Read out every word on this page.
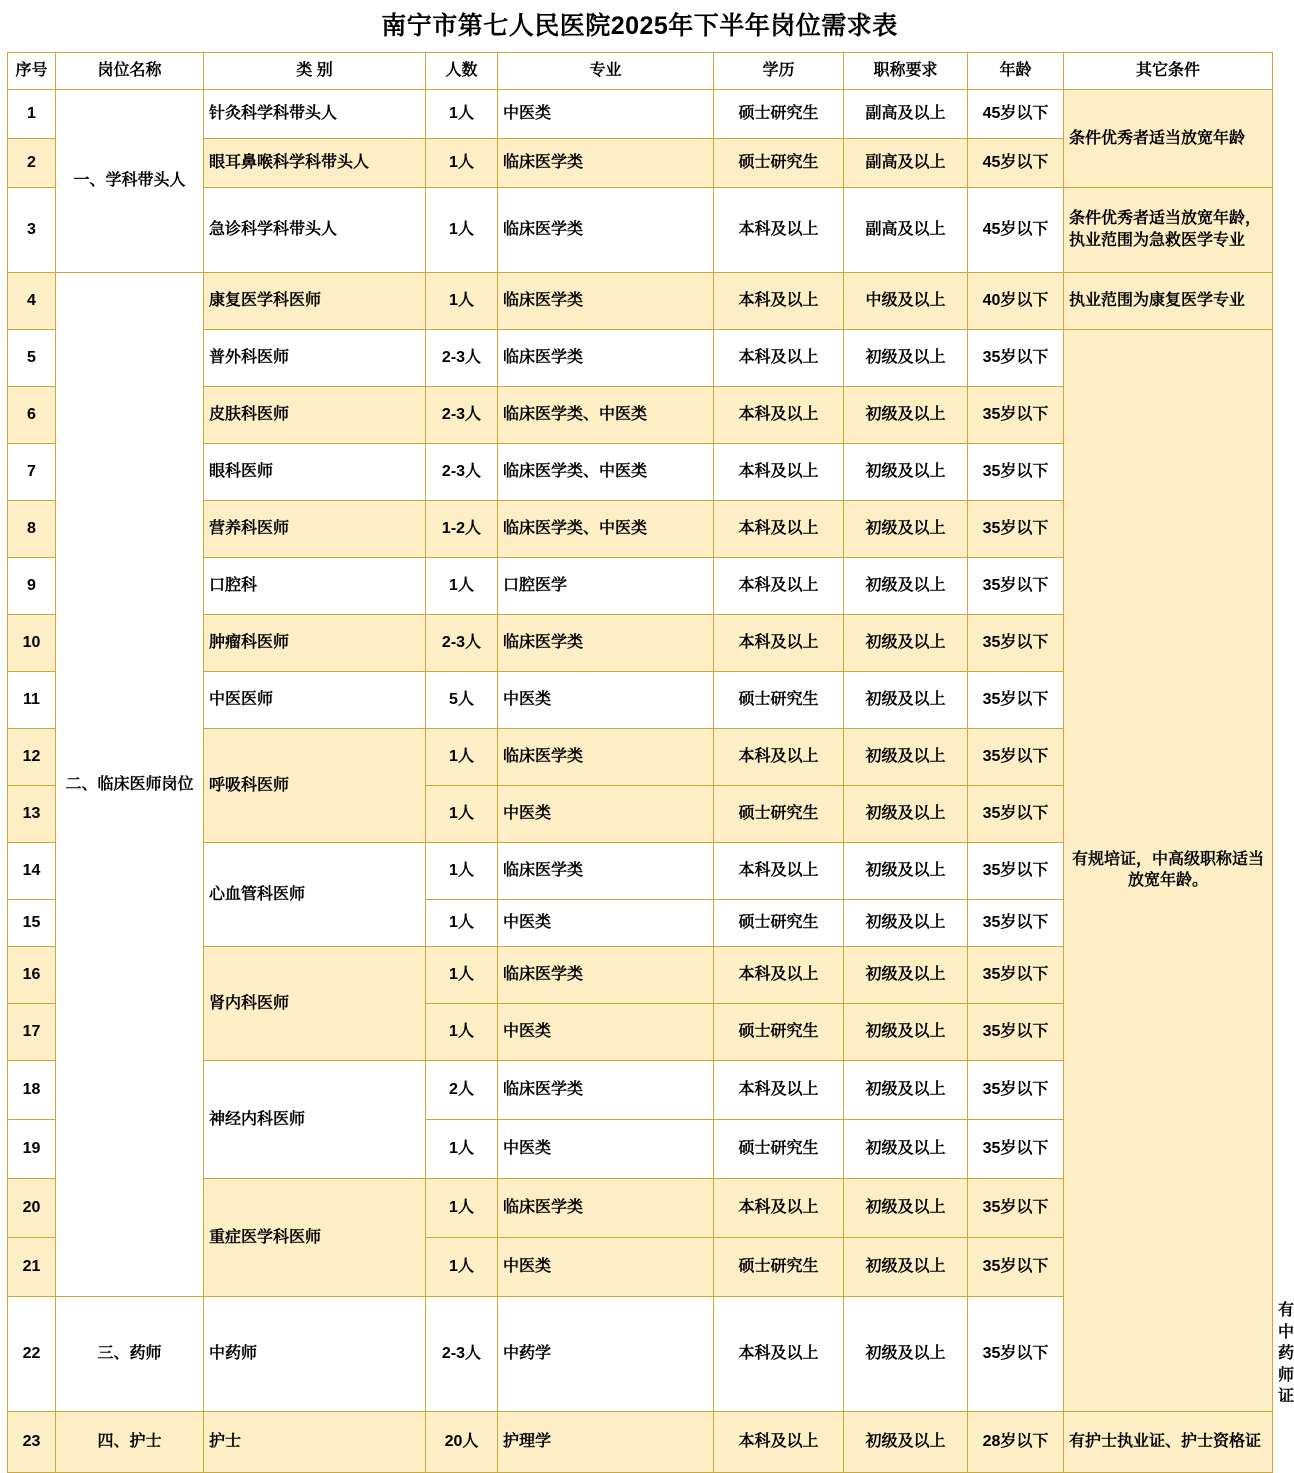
南宁市第七人民医院2025年下半年岗位需求表
序号	岗位名称	类 别	人数	专业	学历	职称要求	年龄	其它条件	
1	一、学科带头人	针灸科学科带头人	1人	中医类	硕士研究生	副高及以上	45岁以下	条件优秀者适当放宽年龄	
2		眼耳鼻喉科学科带头人	1人	临床医学类	硕士研究生	副高及以上	45岁以下		
3		急诊科学科带头人	1人	临床医学类	本科及以上	副高及以上	45岁以下	条件优秀者适当放宽年龄，执业范围为急救医学专业	
4	二、临床医师岗位	康复医学科医师	1人	临床医学类	本科及以上	中级及以上	40岁以下	执业范围为康复医学专业	
5		普外科医师	2-3人	临床医学类	本科及以上	初级及以上	35岁以下	有规培证，中高级职称适当放宽年龄。	
6		皮肤科医师	2-3人	临床医学类、中医类	本科及以上	初级及以上	35岁以下		
7		眼科医师	2-3人	临床医学类、中医类	本科及以上	初级及以上	35岁以下		
8		营养科医师	1-2人	临床医学类、中医类	本科及以上	初级及以上	35岁以下		
9		口腔科	1人	口腔医学	本科及以上	初级及以上	35岁以下		
10		肿瘤科医师	2-3人	临床医学类	本科及以上	初级及以上	35岁以下		
11		中医医师	5人	中医类	硕士研究生	初级及以上	35岁以下		
12		呼吸科医师	1人	临床医学类	本科及以上	初级及以上	35岁以下		
13			1人	中医类	硕士研究生	初级及以上	35岁以下		
14		心血管科医师	1人	临床医学类	本科及以上	初级及以上	35岁以下		
15			1人	中医类	硕士研究生	初级及以上	35岁以下		
16		肾内科医师	1人	临床医学类	本科及以上	初级及以上	35岁以下		
17			1人	中医类	硕士研究生	初级及以上	35岁以下		
18		神经内科医师	2人	临床医学类	本科及以上	初级及以上	35岁以下		
19			1人	中医类	硕士研究生	初级及以上	35岁以下		
20		重症医学科医师	1人	临床医学类	本科及以上	初级及以上	35岁以下		
21			1人	中医类	硕士研究生	初级及以上	35岁以下		
22	三、药师	中药师	2-3人	中药学	本科及以上	初级及以上	35岁以下		有中药师证
23	四、护士	护士	20人	护理学	本科及以上	初级及以上	28岁以下	有护士执业证、护士资格证	
